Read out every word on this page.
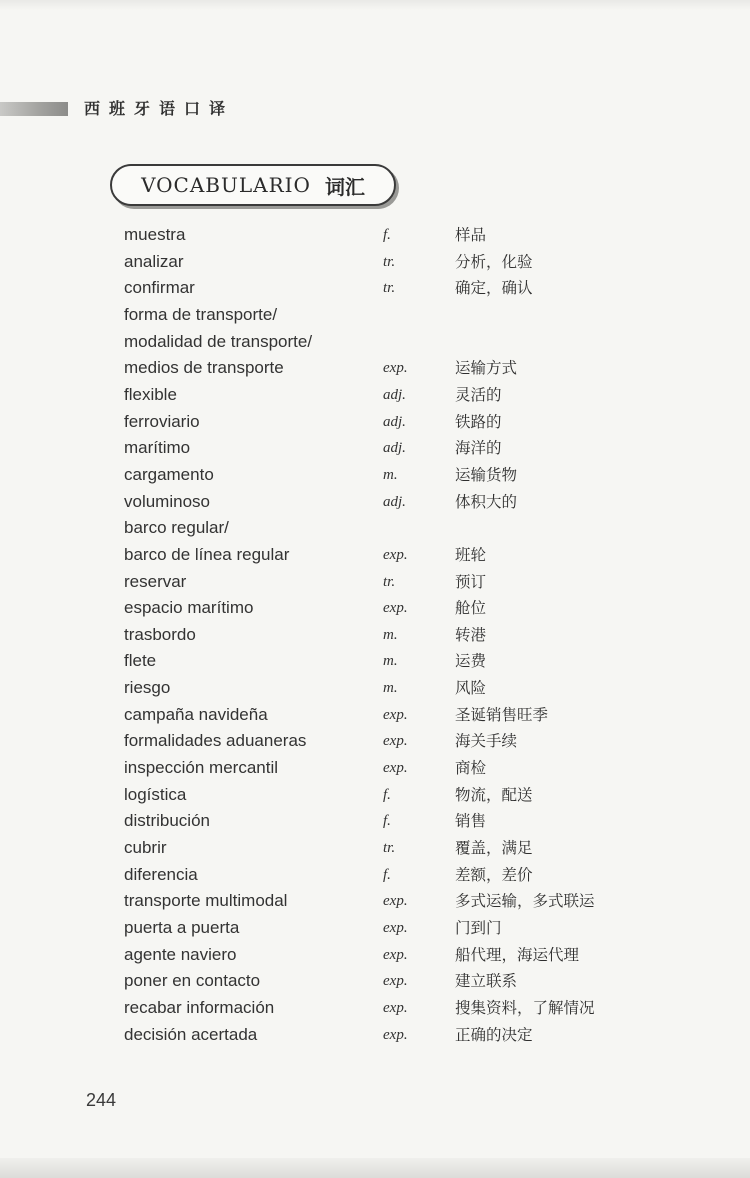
西班牙语口译
VOCABULARIO 词汇
muestra	f.	样品
analizar	tr.	分析，化验
confirmar	tr.	确定，确认
forma de transporte/
modalidad de transporte/
medios de transporte	exp.	运输方式
flexible	adj.	灵活的
ferroviario	adj.	铁路的
marítimo	adj.	海洋的
cargamento	m.	运输货物
voluminoso	adj.	体积大的
barco regular/
barco de línea regular	exp.	班轮
reservar	tr.	预订
espacio marítimo	exp.	舱位
trasbordo	m.	转港
flete	m.	运费
riesgo	m.	风险
campaña navideña	exp.	圣诞销售旺季
formalidades aduaneras	exp.	海关手续
inspección mercantil	exp.	商检
logística	f.	物流，配送
distribución	f.	销售
cubrir	tr.	覆盖，满足
diferencia	f.	差额，差价
transporte multimodal	exp.	多式运输，多式联运
puerta a puerta	exp.	门到门
agente naviero	exp.	船代理，海运代理
poner en contacto	exp.	建立联系
recabar información	exp.	搜集资料，了解情况
decisión acertada	exp.	正确的决定
244
